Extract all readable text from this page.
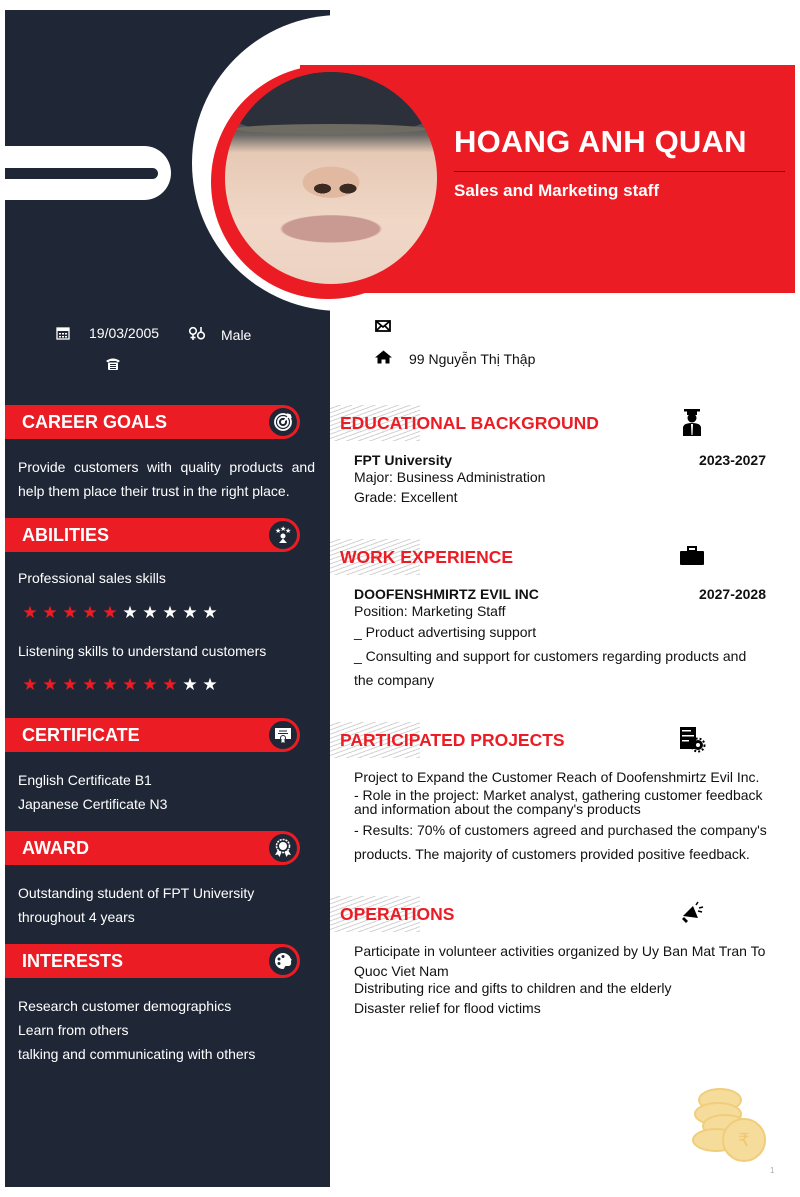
HOANG ANH QUAN
Sales and Marketing staff
19/03/2005	Male
99 Nguyễn Thị Thập
CAREER GOALS
Provide customers with quality products and help them place their trust in the right place.
ABILITIES	★
★
★
Professional sales skills
★ ★ ★ ★ ★ ★ ★ ★ ★ ★
Listening skills to understand customers
★ ★ ★ ★ ★ ★ ★ ★ ★ ★
CERTIFICATE
English Certificate B1
Japanese Certificate N3
AWARD
Outstanding student of FPT University
throughout 4 years
INTERESTS
Research customer demographics
Learn from others
talking and communicating with others
EDUCATIONAL BACKGROUND
FPT University	2023-2027
Major: Business Administration
Grade: Excellent
WORK EXPERIENCE
DOOFENSHMIRTZ EVIL INC	2027-2028
Position: Marketing Staff
_ Product advertising support
_ Consulting and support for customers regarding products and
the company
PARTICIPATED PROJECTS
Project to Expand the Customer Reach of Doofenshmirtz Evil Inc.
- Role in the project: Market analyst, gathering customer feedback
and information about the company's products
- Results: 70% of customers agreed and purchased the company's
products. The majority of customers provided positive feedback.
OPERATIONS
Participate in volunteer activities organized by Uy Ban Mat Tran To
Quoc Viet Nam
Distributing rice and gifts to children and the elderly
Disaster relief for flood victims
₹
1
